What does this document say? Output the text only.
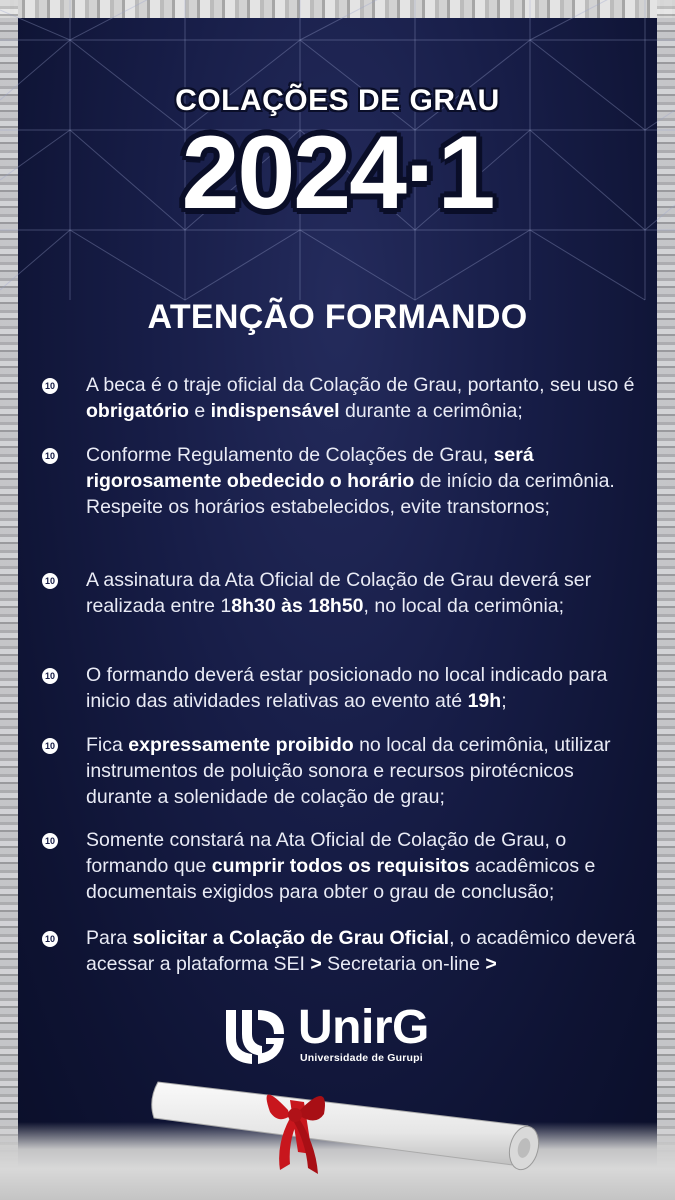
COLAÇÕES DE GRAU
2024·1
ATENÇÃO FORMANDO
10 A beca é o traje oficial da Colação de Grau, portanto, seu uso é obrigatório e indispensável durante a cerimônia;
10 Conforme Regulamento de Colações de Grau, será rigorosamente obedecido o horário de início da cerimônia. Respeite os horários estabelecidos, evite transtornos;
10 A assinatura da Ata Oficial de Colação de Grau deverá ser realizada entre 18h30 às 18h50, no local da cerimônia;
10 O formando deverá estar posicionado no local indicado para inicio das atividades relativas ao evento até 19h;
10 Fica expressamente proibido no local da cerimônia, utilizar instrumentos de poluição sonora e recursos pirotécnicos durante a solenidade de colação de grau;
10 Somente constará na Ata Oficial de Colação de Grau, o formando que cumprir todos os requisitos acadêmicos e documentais exigidos para obter o grau de conclusão;
10 Para solicitar a Colação de Grau Oficial, o acadêmico deverá acessar a plataforma SEI > Secretaria on-line >
UnirG
Universidade de Gurupi
